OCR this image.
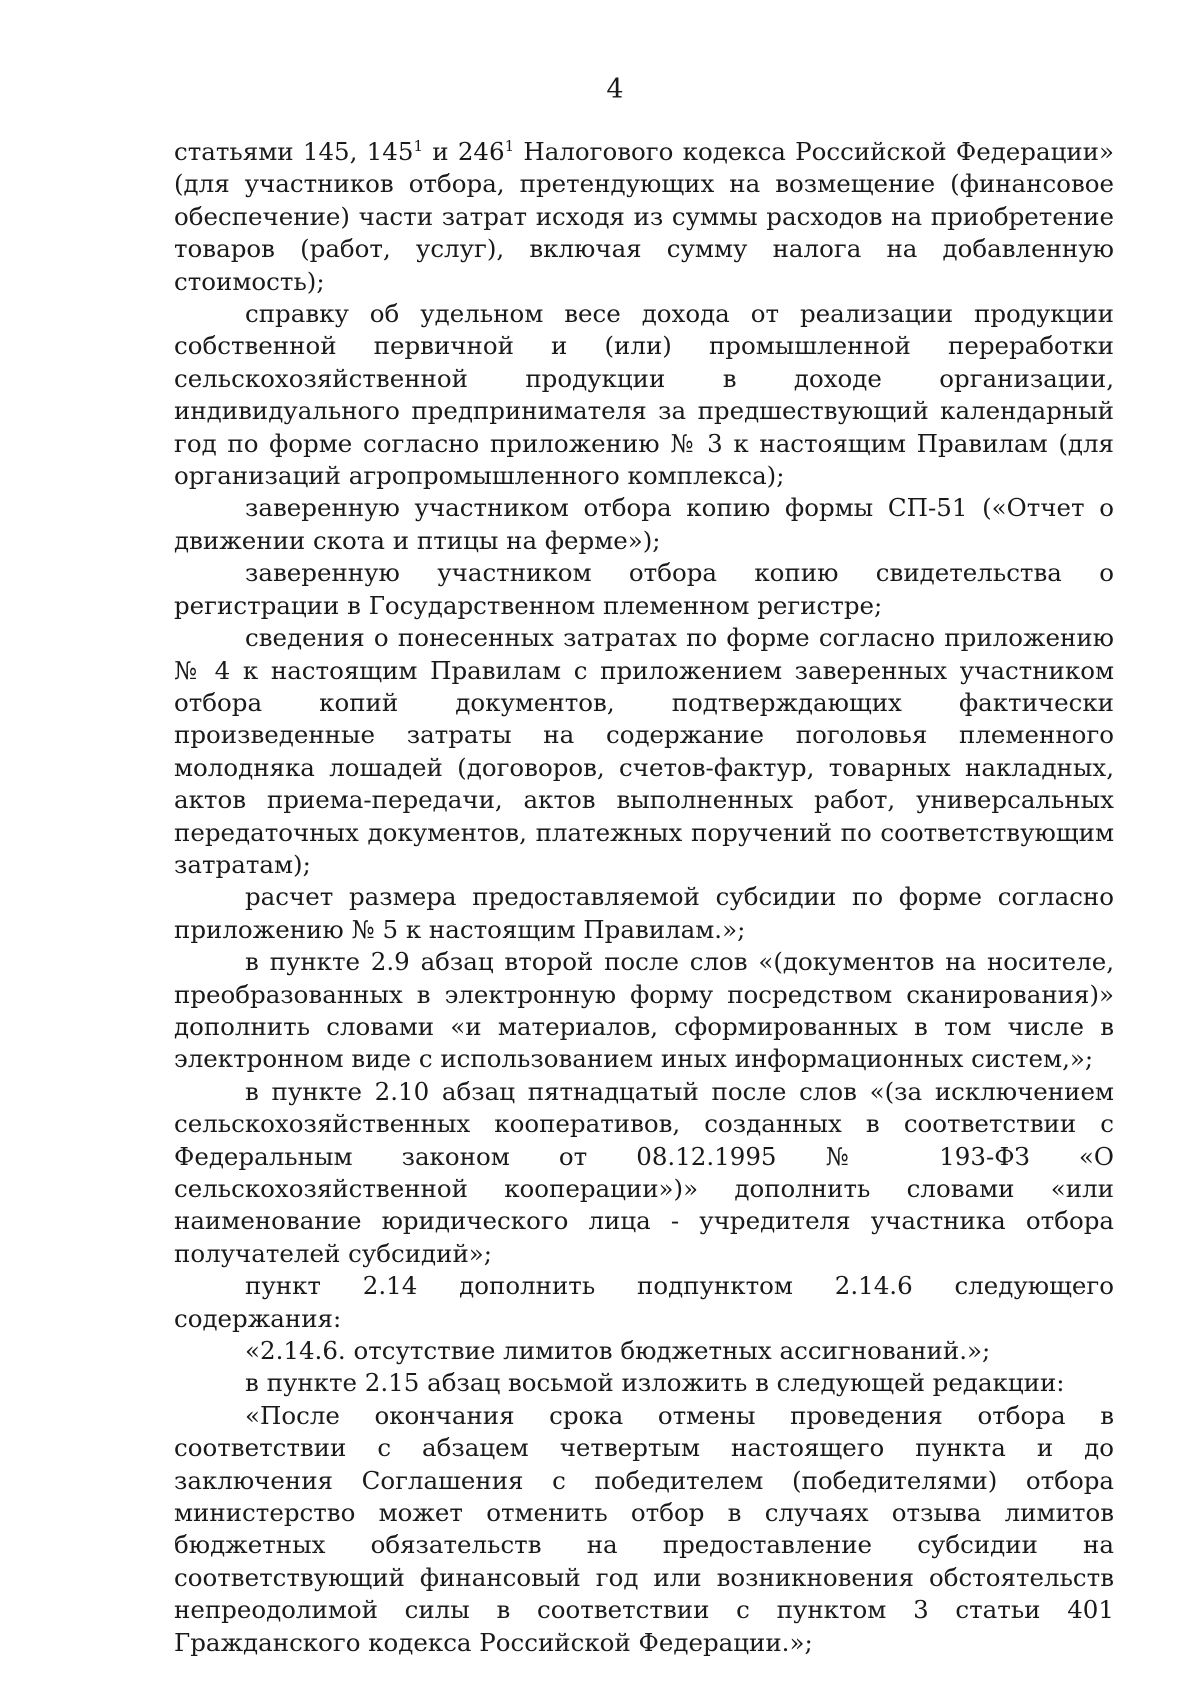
4

статьями 145, $145^1$ и $246^1$ Налогового кодекса Российской Федерации» (для участников отбора, претендующих на возмещение (финансовое обеспечение) части затрат исходя из суммы расходов на приобретение товаров (работ, услуг), включая сумму налога на добавленную стоимость);

справку об удельном весе дохода от реализации продукции собственной первичной и (или) промышленной переработки сельскохозяйственной продукции в доходе организации, индивидуального предпринимателя за предшествующий календарный год по форме согласно приложению № 3 к настоящим Правилам (для организаций агропромышленного комплекса);

заверенную участником отбора копию формы СП-51 («Отчет о движении скота и птицы на ферме»);

заверенную участником отбора копию свидетельства о регистрации в Государственном племенном регистре;

сведения о понесенных затратах по форме согласно приложению № 4 к настоящим Правилам с приложением заверенных участником отбора копий документов, подтверждающих фактически произведенные затраты на содержание поголовья племенного молодняка лошадей (договоров, счетов-фактур, товарных накладных, актов приема-передачи, актов выполненных работ, универсальных передаточных документов, платежных поручений по соответствующим затратам);

расчет размера предоставляемой субсидии по форме согласно приложению № 5 к настоящим Правилам.»;

в пункте 2.9 абзац второй после слов «(документов на носителе, преобразованных в электронную форму посредством сканирования)» дополнить словами «и материалов, сформированных в том числе в электронном виде с использованием иных информационных систем,»;

в пункте 2.10 абзац пятнадцатый после слов «(за исключением сельскохозяйственных кооперативов, созданных в соответствии с Федеральным законом от 08.12.1995 № 193-ФЗ «О сельскохозяйственной кооперации»)» дополнить словами «или наименование юридического лица - учредителя участника отбора получателей субсидий»;

пункт 2.14 дополнить подпунктом 2.14.6 следующего содержания:

«2.14.6. отсутствие лимитов бюджетных ассигнований.»;

в пункте 2.15 абзац восьмой изложить в следующей редакции:

«После окончания срока отмены проведения отбора в соответствии с абзацем четвертым настоящего пункта и до заключения Соглашения с победителем (победителями) отбора министерство может отменить отбор в случаях отзыва лимитов бюджетных обязательств на предоставление субсидии на соответствующий финансовый год или возникновения обстоятельств непреодолимой силы в соответствии с пунктом 3 статьи 401 Гражданского кодекса Российской Федерации.»;
